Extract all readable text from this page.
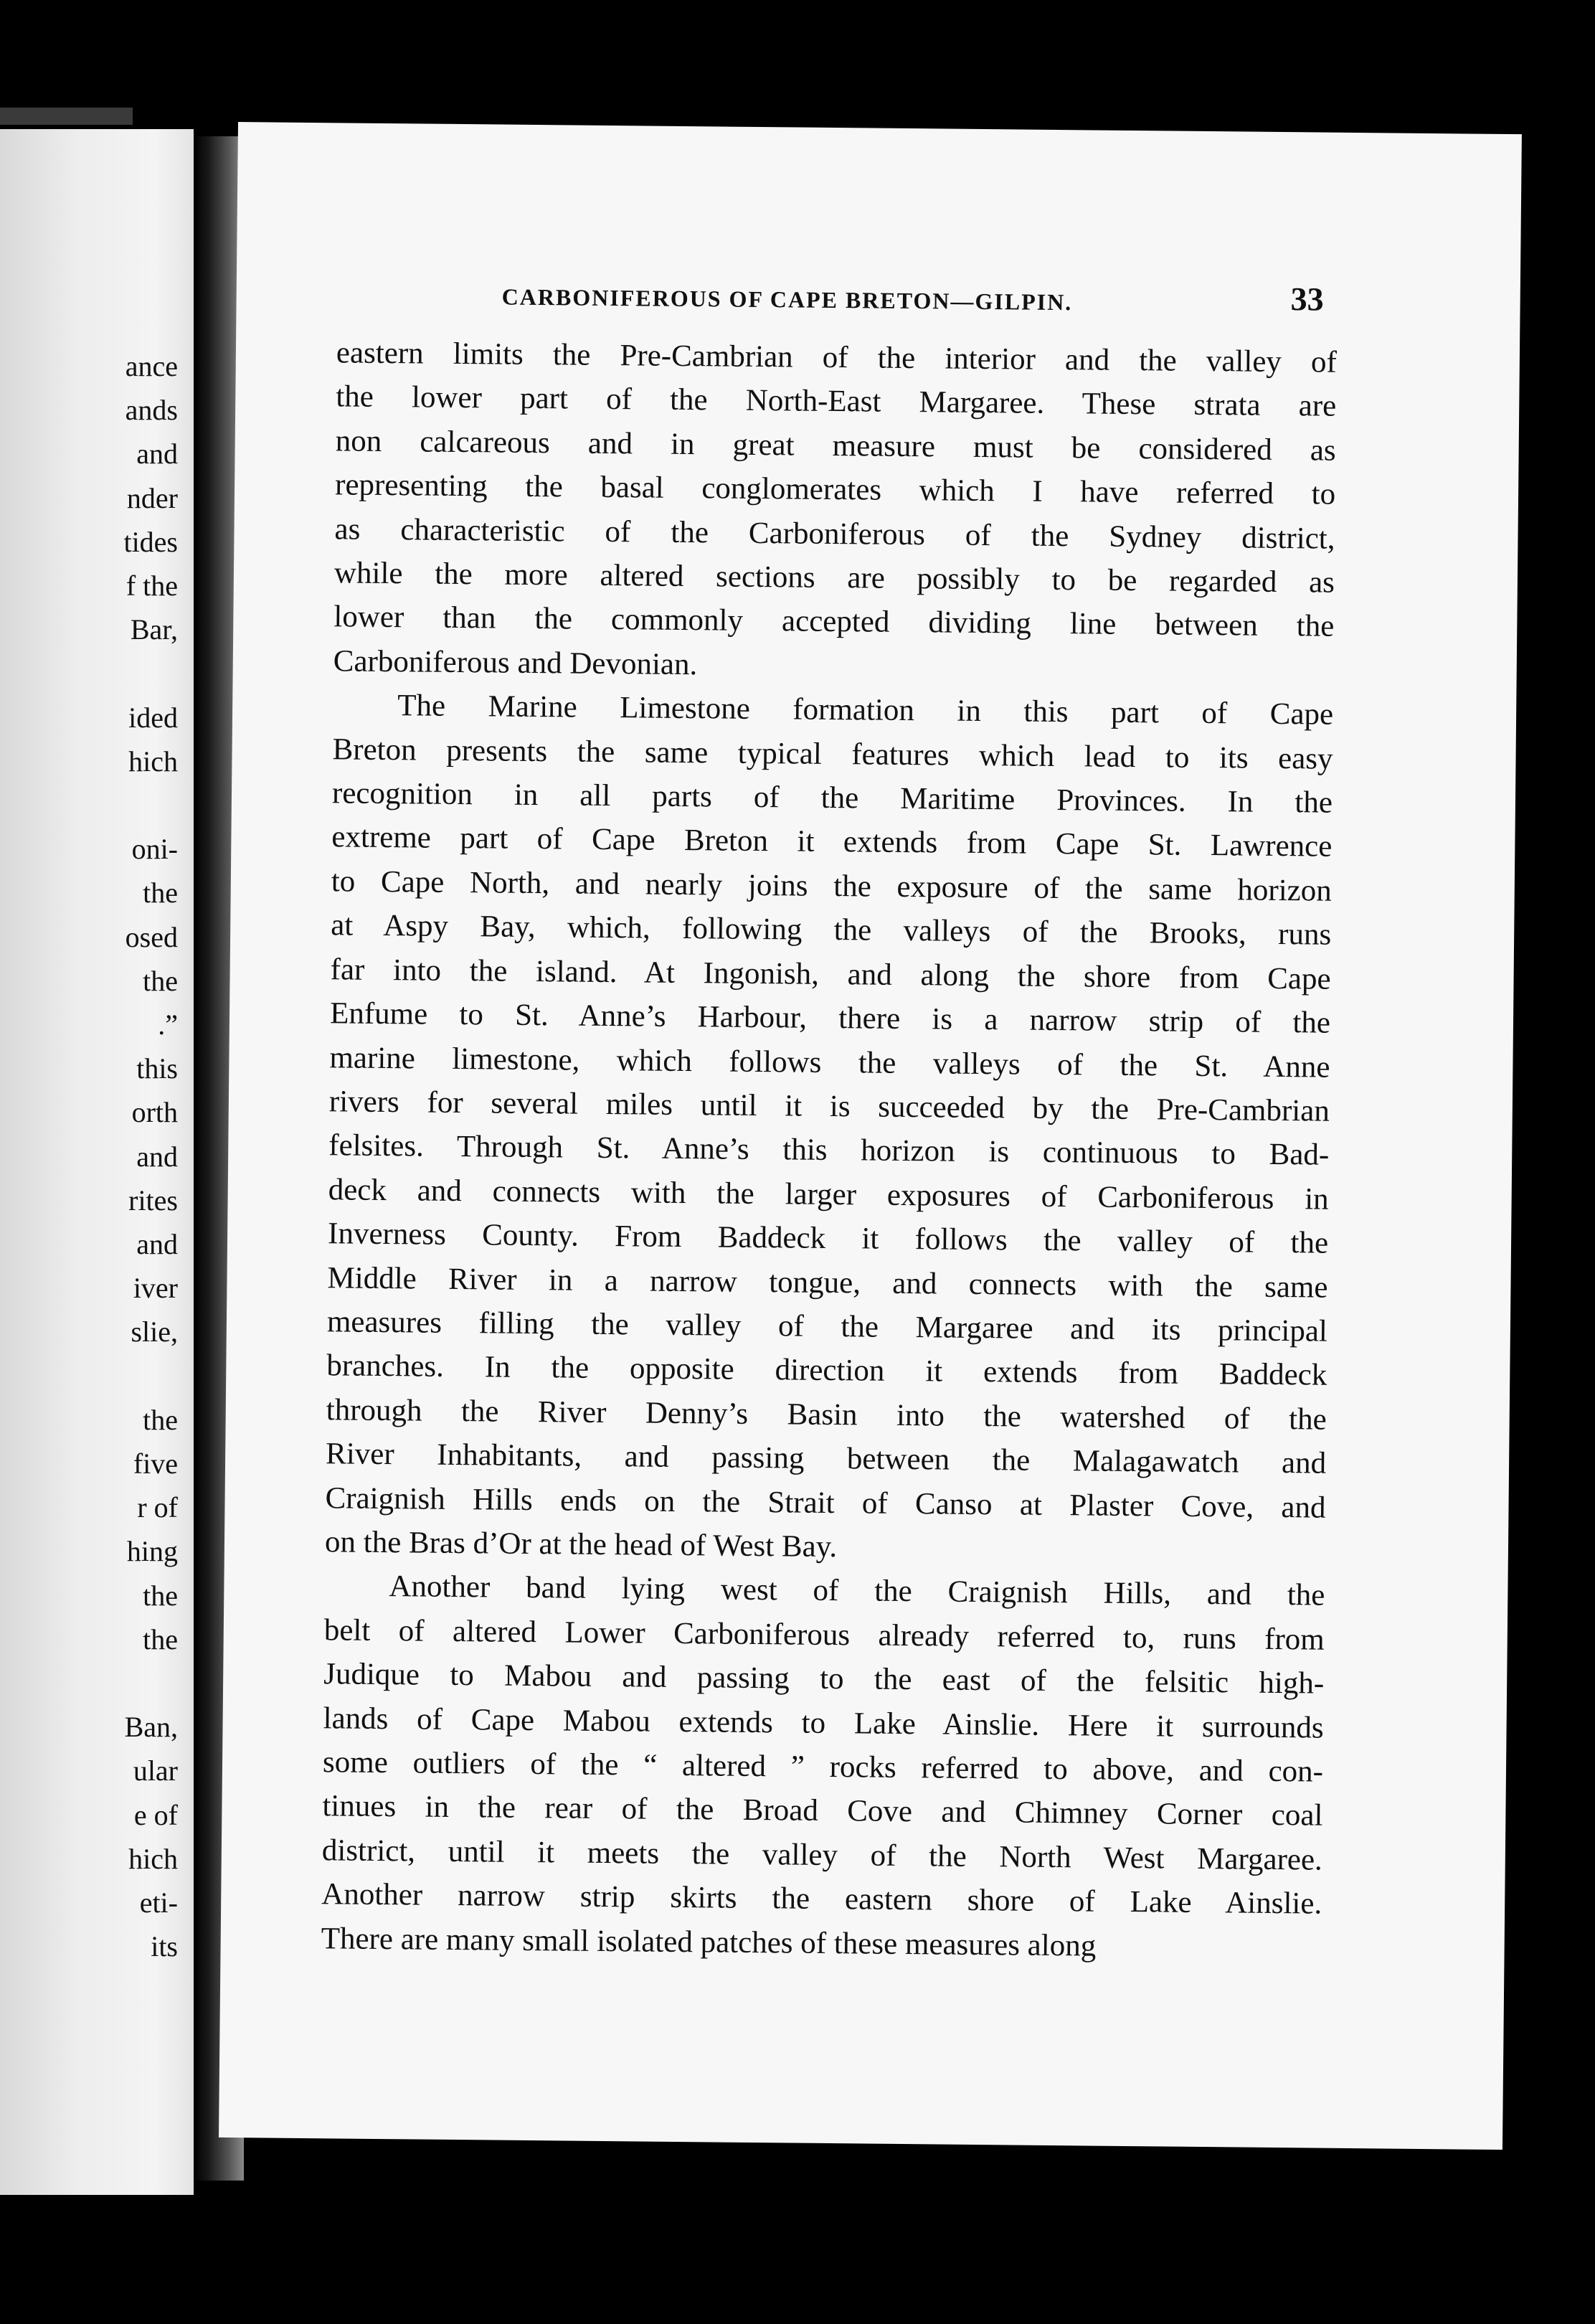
ance
ands
and
nder
tides
f the
Bar,
ided
hich
oni-
the
osed
the
.”
this
orth
and
rites
and
iver
slie,
the
five
r of
hing
the
the
Ban,
ular
e of
hich
eti-
its
CARBONIFEROUS OF CAPE BRETON—GILPIN.	33

eastern limits the Pre-Cambrian of the interior and the valley of
the lower part of the North-East Margaree. These strata are
non calcareous and in great measure must be considered as
representing the basal conglomerates which I have referred to
as characteristic of the Carboniferous of the Sydney district,
while the more altered sections are possibly to be regarded as
lower than the commonly accepted dividing line between the
Carboniferous and Devonian.

The Marine Limestone formation in this part of Cape
Breton presents the same typical features which lead to its easy
recognition in all parts of the Maritime Provinces. In the
extreme part of Cape Breton it extends from Cape St. Lawrence
to Cape North, and nearly joins the exposure of the same horizon
at Aspy Bay, which, following the valleys of the Brooks, runs
far into the island. At Ingonish, and along the shore from Cape
Enfume to St. Anne’s Harbour, there is a narrow strip of the
marine limestone, which follows the valleys of the St. Anne
rivers for several miles until it is succeeded by the Pre-Cambrian
felsites. Through St. Anne’s this horizon is continuous to Bad-
deck and connects with the larger exposures of Carboniferous in
Inverness County. From Baddeck it follows the valley of the
Middle River in a narrow tongue, and connects with the same
measures filling the valley of the Margaree and its principal
branches. In the opposite direction it extends from Baddeck
through the River Denny’s Basin into the watershed of the
River Inhabitants, and passing between the Malagawatch and
Craignish Hills ends on the Strait of Canso at Plaster Cove, and
on the Bras d’Or at the head of West Bay.

Another band lying west of the Craignish Hills, and the
belt of altered Lower Carboniferous already referred to, runs from
Judique to Mabou and passing to the east of the felsitic high-
lands of Cape Mabou extends to Lake Ainslie. Here it surrounds
some outliers of the “ altered ” rocks referred to above, and con-
tinues in the rear of the Broad Cove and Chimney Corner coal
district, until it meets the valley of the North West Margaree.
Another narrow strip skirts the eastern shore of Lake Ainslie.
There are many small isolated patches of these measures along
